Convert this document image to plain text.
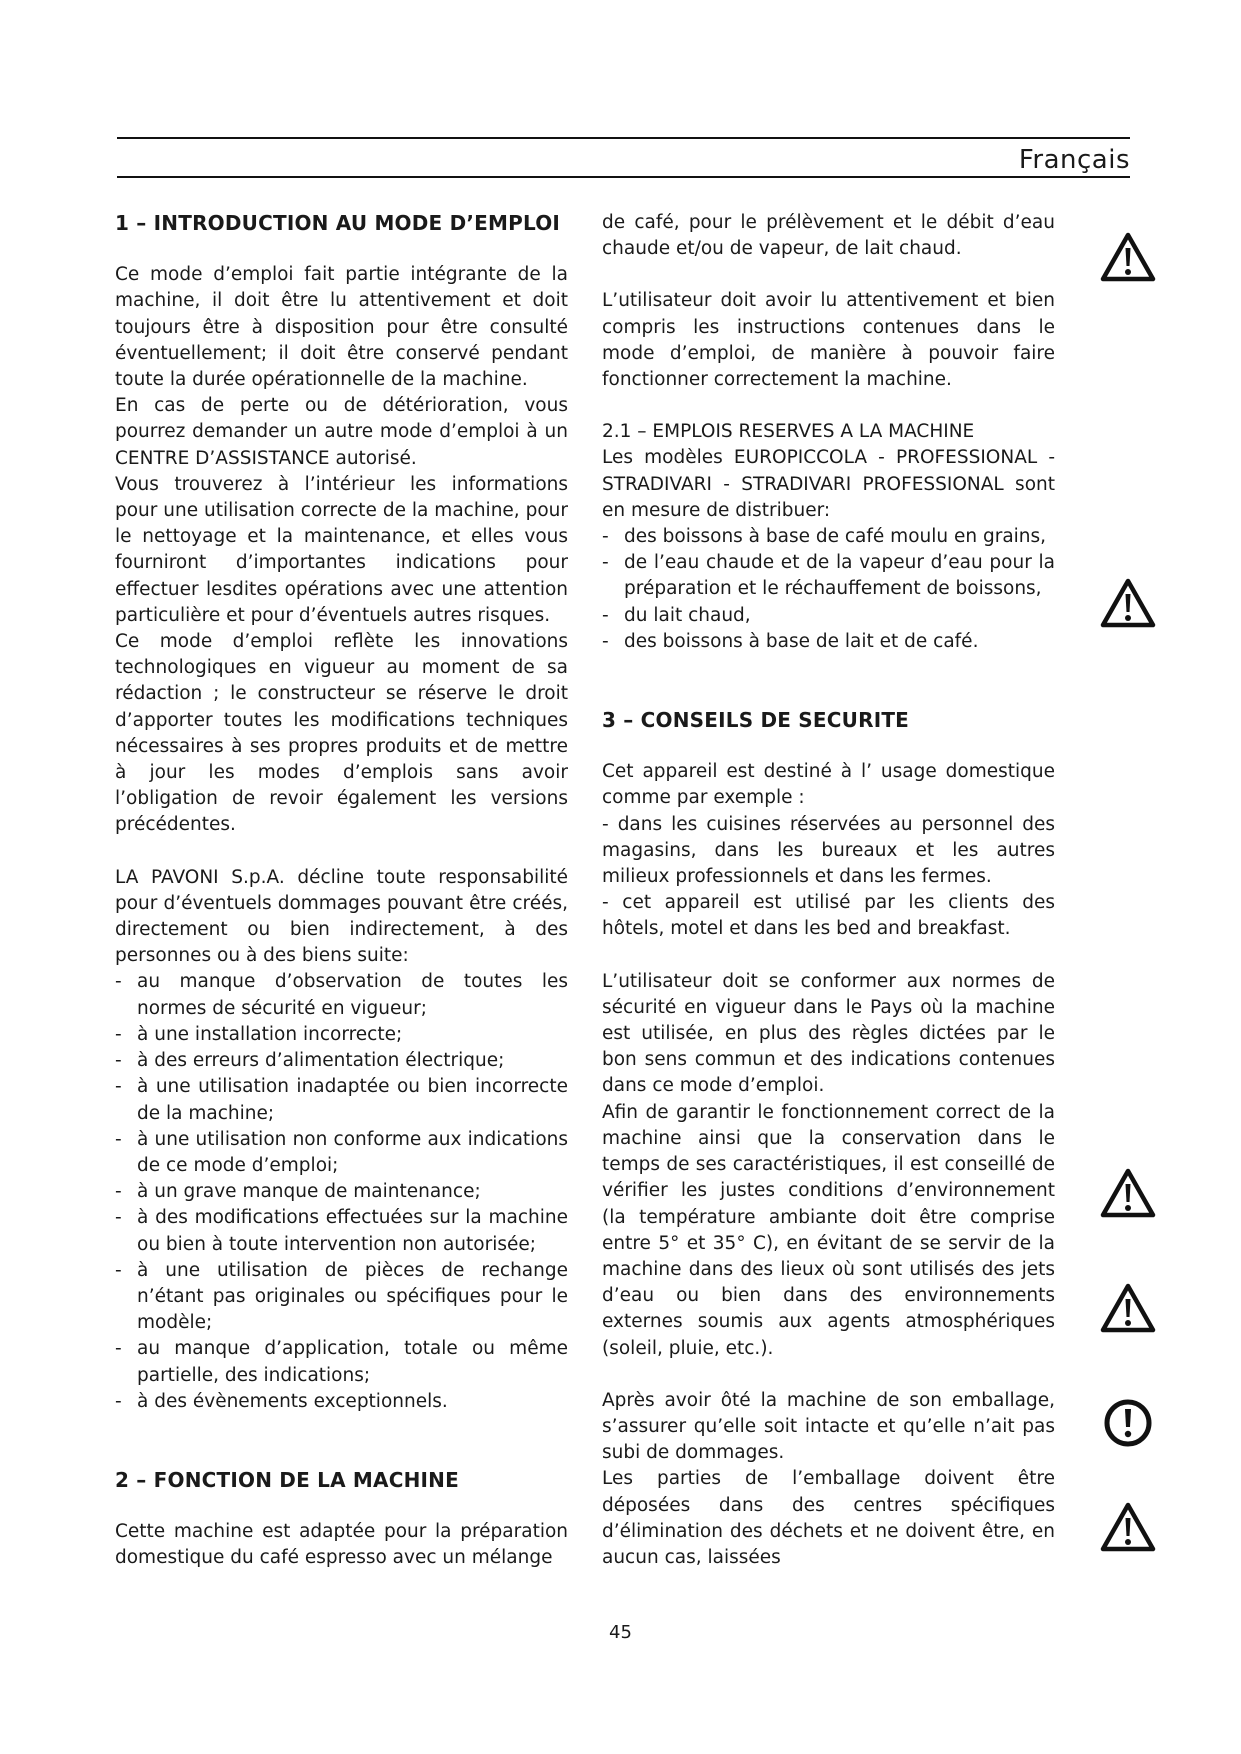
Français
1 – INTRODUCTION AU MODE D’EMPLOI

Ce mode d’emploi fait partie intégrante de la machine, il doit être lu attentivement et doit toujours être à disposition pour être consulté éventuellement; il doit être conservé pendant toute la durée opérationnelle de la machine.

En cas de perte ou de détérioration, vous pourrez demander un autre mode d’emploi à un CENTRE D’ASSISTANCE autorisé.

Vous trouverez à l’intérieur les informations pour une utilisation correcte de la machine, pour le nettoyage et la maintenance, et elles vous fourniront d’importantes indications pour effectuer lesdites opérations avec une attention particulière et pour d’éventuels autres risques.

Ce mode d’emploi reflète les innovations technologiques en vigueur au moment de sa rédaction ; le constructeur se réserve le droit d’apporter toutes les modifications techniques nécessaires à ses propres produits et de mettre à jour les modes d’emplois sans avoir l’obligation de revoir également les versions précédentes.

LA PAVONI S.p.A. décline toute responsabilité pour d’éventuels dommages pouvant être créés, directement ou bien indirectement, à des personnes ou à des biens suite:

- au manque d’observation de toutes les normes de sécurité en vigueur;
- à une installation incorrecte;
- à des erreurs d’alimentation électrique;
- à une utilisation inadaptée ou bien incorrecte de la machine;
- à une utilisation non conforme aux indications de ce mode d’emploi;
- à un grave manque de maintenance;
- à des modifications effectuées sur la machine ou bien à toute intervention non autorisée;
- à une utilisation de pièces de rechange n’étant pas originales ou spécifiques pour le modèle;
- au manque d’application, totale ou même partielle, des indications;
- à des évènements exceptionnels.
2 – FONCTION DE LA MACHINE

Cette machine est adaptée pour la préparation domestique du café espresso avec un mélange

de café, pour le prélèvement et le débit d’eau chaude et/ou de vapeur, de lait chaud.

L’utilisateur doit avoir lu attentivement et bien compris les instructions contenues dans le mode d’emploi, de manière à pouvoir faire fonctionner correctement la machine.

2.1 – EMPLOIS RESERVES A LA MACHINE

Les modèles EUROPICCOLA - PROFESSIONAL - STRADIVARI - STRADIVARI PROFESSIONAL sont en mesure de distribuer:

- des boissons à base de café moulu en grains,
- de l’eau chaude et de la vapeur d’eau pour la préparation et le réchauffement de boissons,
- du lait chaud,
- des boissons à base de lait et de café.
3 – CONSEILS DE SECURITE

Cet appareil est destiné à l’ usage domestique comme par exemple :

- dans les cuisines réservées au personnel des magasins, dans les bureaux et les autres milieux professionnels et dans les fermes.

- cet appareil est utilisé par les clients des hôtels, motel et dans les bed and breakfast.

L’utilisateur doit se conformer aux normes de sécurité en vigueur dans le Pays où la machine est utilisée, en plus des règles dictées par le bon sens commun et des indications contenues dans ce mode d’emploi.

Afin de garantir le fonctionnement correct de la machine ainsi que la conservation dans le temps de ses caractéristiques, il est conseillé de vérifier les justes conditions d’environnement (la température ambiante doit être comprise entre 5° et 35° C), en évitant de se servir de la machine dans des lieux où sont utilisés des jets d’eau ou bien dans des environnements externes soumis aux agents atmosphériques (soleil, pluie, etc.).

Après avoir ôté la machine de son emballage, s’assurer qu’elle soit intacte et qu’elle n’ait pas subi de dommages.

Les parties de l’emballage doivent être déposées dans des centres spécifiques d’élimination des déchets et ne doivent être, en aucun cas, laissées

45
